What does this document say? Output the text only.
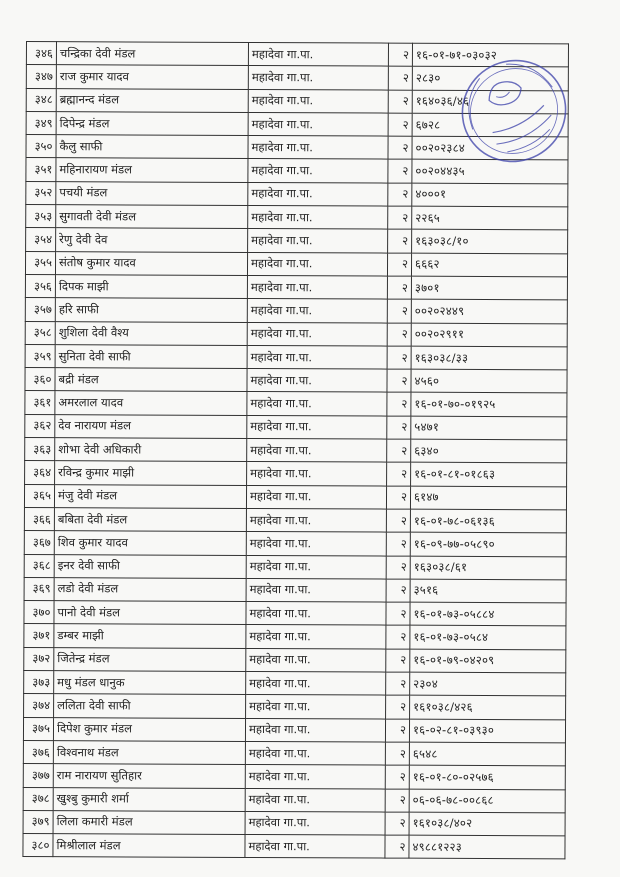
३४६	चन्द्रिका देवी मंडल	महादेवा गा.पा.	२	१६-०१-७१-०३०३२
३४७	राज कुमार यादव	महादेवा गा.पा.	२	२८३०
३४८	ब्रह्मानन्द मंडल	महादेवा गा.पा.	२	१६४०३६/४६
३४९	दिपेन्द्र मंडल	महादेवा गा.पा.	२	६७२८
३५०	कैलु साफी	महादेवा गा.पा.	२	००२०२३८४
३५१	महिनारायण मंडल	महादेवा गा.पा.	२	००२०४४३५
३५२	पचयी मंडल	महादेवा गा.पा.	२	४०००१
३५३	सुगावती देवी मंडल	महादेवा गा.पा.	२	२२६५
३५४	रेणु देवी देव	महादेवा गा.पा.	२	१६३०३८/१०
३५५	संतोष कुमार यादव	महादेवा गा.पा.	२	६६६२
३५६	दिपक माझी	महादेवा गा.पा.	२	३७०१
३५७	हरि साफी	महादेवा गा.पा.	२	००२०२४४९
३५८	शुशिला देवी वैश्य	महादेवा गा.पा.	२	००२०२९११
३५९	सुनिता देवी साफी	महादेवा गा.पा.	२	१६३०३८/३३
३६०	बद्री मंडल	महादेवा गा.पा.	२	४५६०
३६१	अमरलाल यादव	महादेवा गा.पा.	२	१६-०१-७०-०१९२५
३६२	देव नारायण मंडल	महादेवा गा.पा.	२	५४७१
३६३	शोभा देवी अधिकारी	महादेवा गा.पा.	२	६३४०
३६४	रविन्द्र कुमार माझी	महादेवा गा.पा.	२	१६-०१-८१-०१८६३
३६५	मंजु देवी मंडल	महादेवा गा.पा.	२	६१४७
३६६	बबिता देवी मंडल	महादेवा गा.पा.	२	१६-०१-७८-०६१३६
३६७	शिव कुमार यादव	महादेवा गा.पा.	२	१६-०९-७७-०५८९०
३६८	इनर देवी साफी	महादेवा गा.पा.	२	१६३०३८/६१
३६९	लडो देवी मंडल	महादेवा गा.पा.	२	३५१६
३७०	पानो देवी मंडल	महादेवा गा.पा.	२	१६-०१-७३-०५८८४
३७१	डम्बर माझी	महादेवा गा.पा.	२	१६-०१-७३-०५८४
३७२	जितेन्द्र मंडल	महादेवा गा.पा.	२	१६-०१-७९-०४२०९
३७३	मधु मंडल धानुक	महादेवा गा.पा.	२	२३०४
३७४	ललिता देवी साफी	महादेवा गा.पा.	२	१६१०३८/४२६
३७५	दिपेश कुमार मंडल	महादेवा गा.पा.	२	१६-०२-८१-०३९३०
३७६	विश्वनाथ मंडल	महादेवा गा.पा.	२	६५४८
३७७	राम नारायण सुतिहार	महादेवा गा.पा.	२	१६-०१-८०-०२५७६
३७८	खुश्बु कुमारी शर्मा	महादेवा गा.पा.	२	०६-०६-७८-००८६८
३७९	लिला कमारी मंडल	महादेवा गा.पा.	२	१६१०३८/४०२
३८०	मिश्रीलाल मंडल	महादेवा गा.पा.	२	४९८८१२२३
